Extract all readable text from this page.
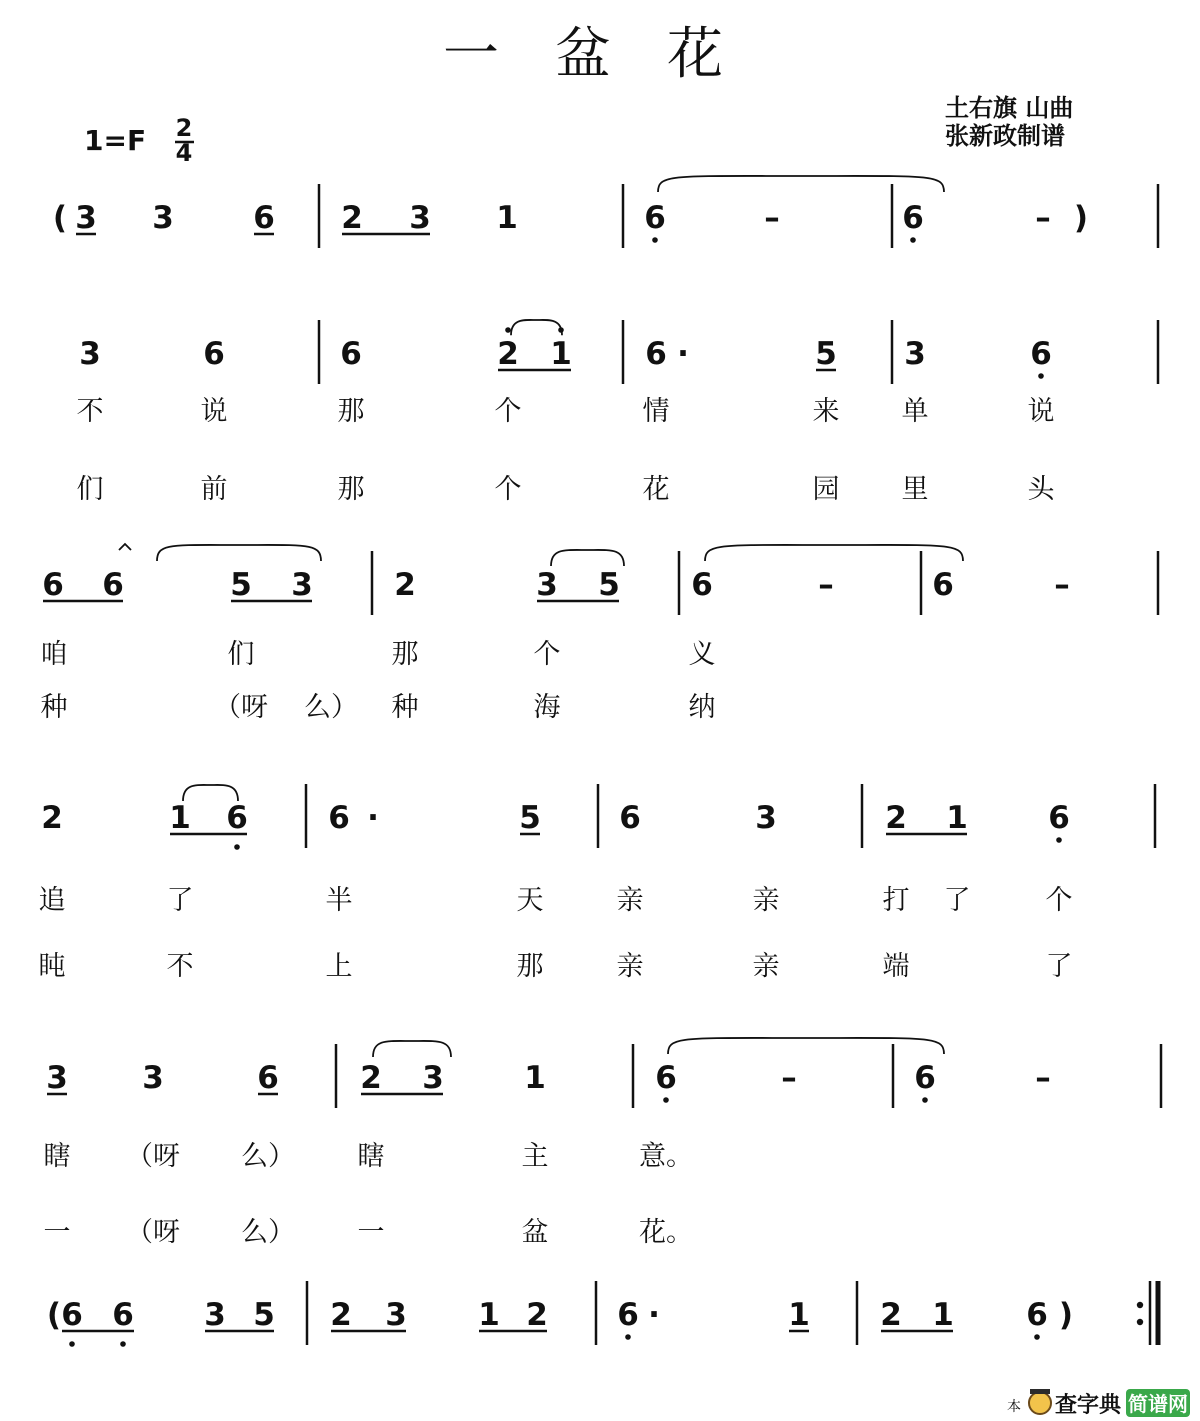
一　盆　花
土右旗 山曲
张新政制谱
1=F 2
4
( 3 3	6 2 3 1	6	–	6	– )
3	6	6	2 1 6 ·	5 3	6
不	说	那	个	情	来 单	说
们	前	那	个	花	园 里	头
6 6	5 3	2	3 5 6	–	6	–
咱	们	那	个	义
种	（呀 么） 种	海	纳
2	1 6	6 ·	5	6	3	2 1	6
追	了	半	天	亲	亲	打 了	个
盹	不	上	那	亲	亲	端	了
3 3	6	2 3	1	6	–	6	–
瞎 （呀 么） 瞎	主	意。
一 （呀 么） 一	盆	花。
( 6 6 3 5 2 3 1 2 6 ·	1 2 1 6 )
本 查字典 简谱网
